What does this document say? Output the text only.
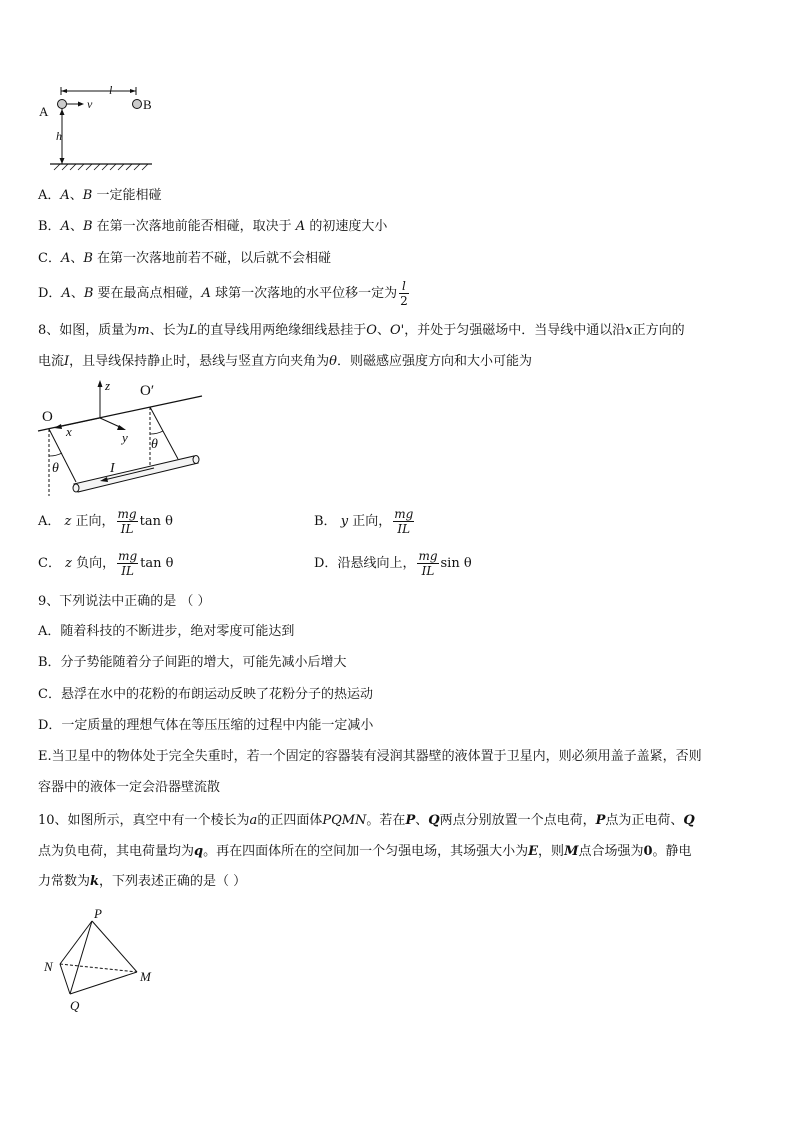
l
A	B
v
h
A．A、B 一定能相碰
B．A、B 在第一次落地前能否相碰，取决于 A 的初速度大小
C．A、B 在第一次落地前若不碰，以后就不会相碰
D．A、B 要在最高点相碰，A 球第一次落地的水平位移一定为 $\frac{l}{2}$
8、如图，质量为m、长为L的直导线用两绝缘细线悬挂于O、O'，并处于匀强磁场中．当导线中通以沿x正方向的
电流I，且导线保持静止时，悬线与竖直方向夹角为θ．则磁感应强度方向和大小可能为
z
x	y
O
O′
θ
θ
I
A． z 正向， $\frac{mg}{IL}$ tan θ	B． y 正向， $\frac{mg}{IL}$
C． z 负向， $\frac{mg}{IL}$ tan θ	D．沿悬线向上， $\frac{mg}{IL}$ sin θ
9、下列说法中正确的是 （ ）
A．随着科技的不断进步，绝对零度可能达到
B．分子势能随着分子间距的增大，可能先减小后增大
C．悬浮在水中的花粉的布朗运动反映了花粉分子的热运动
D．一定质量的理想气体在等压压缩的过程中内能一定减小
E.当卫星中的物体处于完全失重时，若一个固定的容器装有浸润其器壁的液体置于卫星内，则必须用盖子盖紧，否则
容器中的液体一定会沿器壁流散
10、如图所示，真空中有一个棱长为a的正四面体PQMN。若在P、Q两点分别放置一个点电荷，P点为正电荷、Q
点为负电荷，其电荷量均为q。再在四面体所在的空间加一个匀强电场，其场强大小为E，则M点合场强为0。静电
力常数为k，下列表述正确的是（ ）
P
N
M
Q
